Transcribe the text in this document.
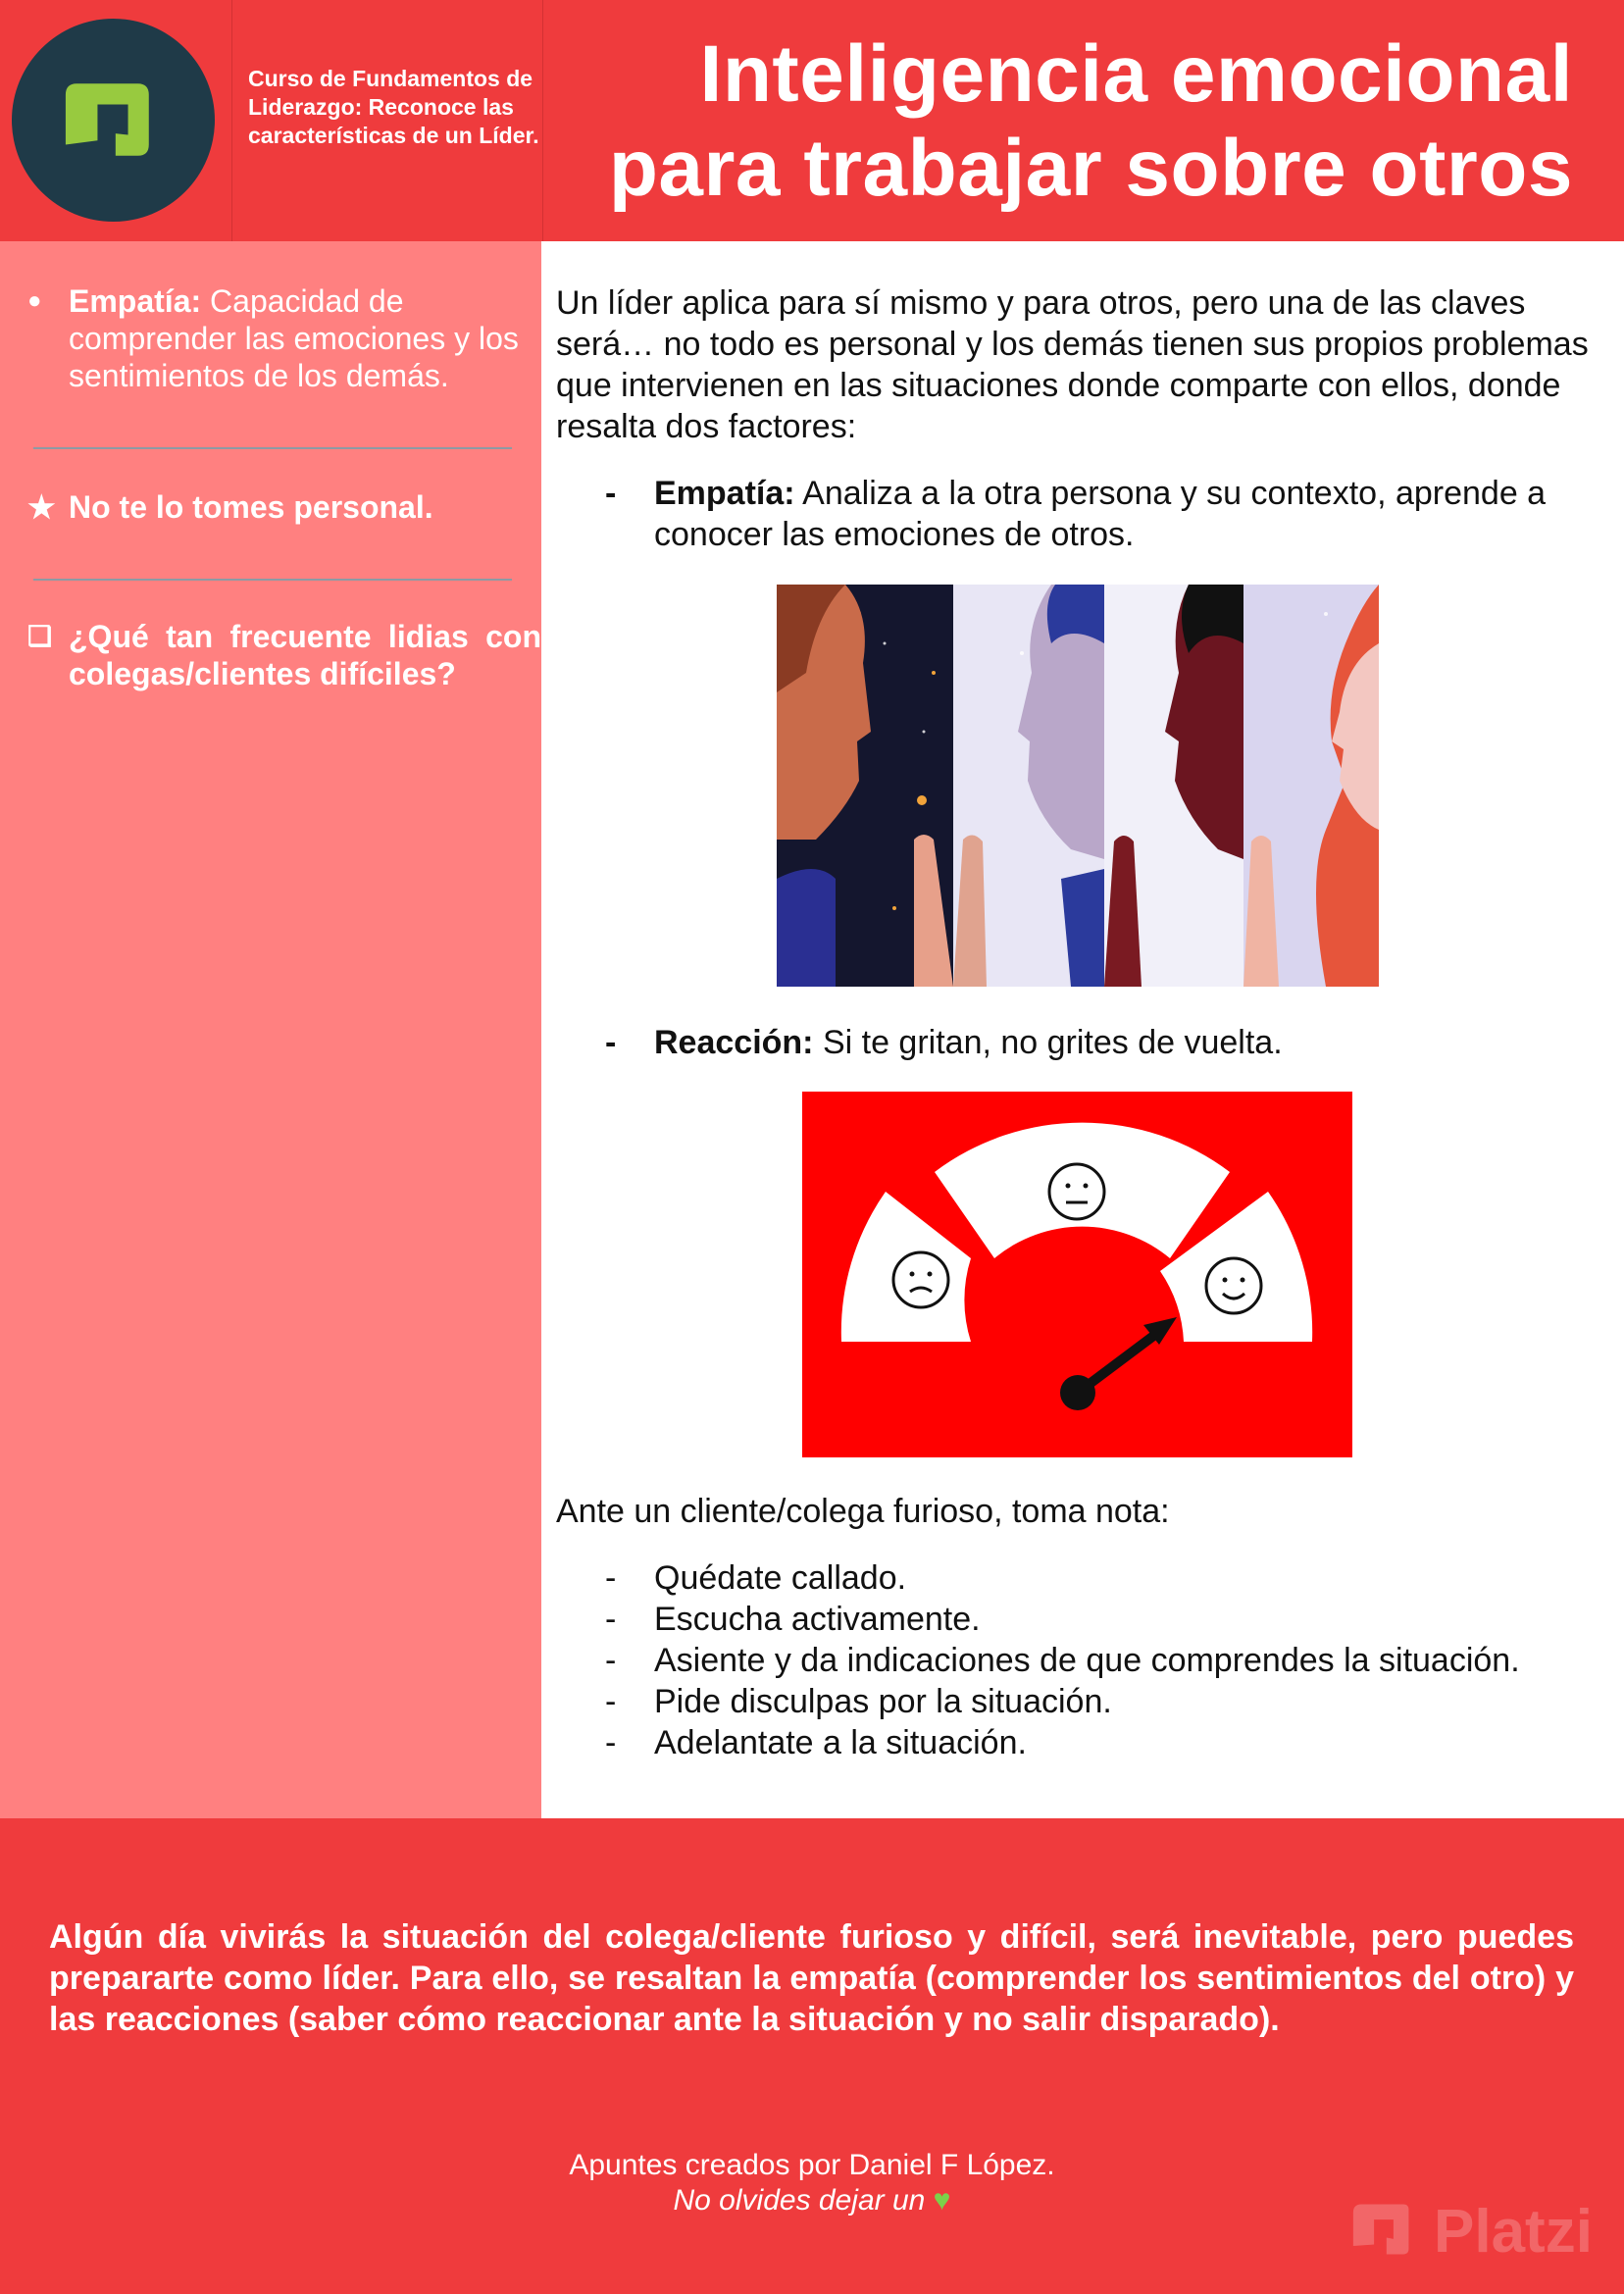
Curso de Fundamentos de Liderazgo: Reconoce las características de un Líder.

Inteligencia emocional
para trabajar sobre otros
● Empatía: Capacidad de comprender las emociones y los sentimientos de los demás.
★ No te lo tomes personal.
❑ ¿Qué tan frecuente lidias con colegas/clientes difíciles?

Un líder aplica para sí mismo y para otros, pero una de las claves será… no todo es personal y los demás tienen sus propios problemas que intervienen en las situaciones donde comparte con ellos, donde resalta dos factores:

- Empatía: Analiza a la otra persona y su contexto, aprende a conocer las emociones de otros.
- Reacción: Si te gritan, no grites de vuelta.

Ante un cliente/colega furioso, toma nota:

- Quédate callado.
- Escucha activamente.
- Asiente y da indicaciones de que comprendes la situación.
- Pide disculpas por la situación.
- Adelantate a la situación.

Algún día vivirás la situación del colega/cliente furioso y difícil, será inevitable, pero puedes prepararte como líder. Para ello, se resaltan la empatía (comprender los sentimientos del otro) y las reacciones (saber cómo reaccionar ante la situación y no salir disparado).

Apuntes creados por Daniel F López.
No olvides dejar un ♥	Platzi
